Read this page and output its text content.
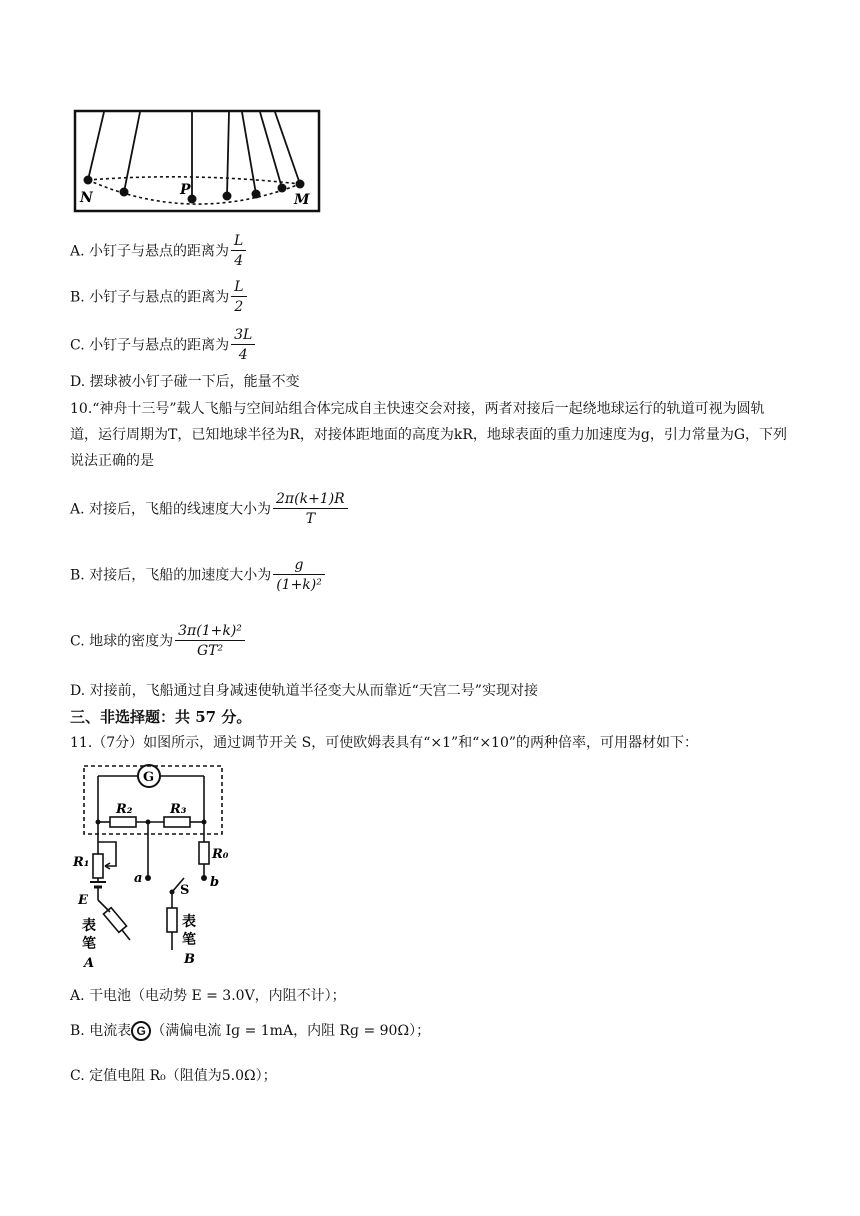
N	P
M
A. 小钉子与悬点的距离为 $\frac{L}{4}$
B. 小钉子与悬点的距离为 $\frac{L}{2}$
C. 小钉子与悬点的距离为 $\frac{3L}{4}$
D. 摆球被小钉子碰一下后，能量不变
10.“神舟十三号”载人飞船与空间站组合体完成自主快速交会对接，两者对接后一起绕地球运行的轨道可视为圆轨道，运行周期为T，已知地球半径为R，对接体距地面的高度为kR，地球表面的重力加速度为g，引力常量为G，下列说法正确的是
A. 对接后，飞船的线速度大小为 $\frac{2\pi(k+1)R}{T}$
B. 对接后，飞船的加速度大小为 $\frac{g}{\text{(1+k)²}}$
C. 地球的密度为 $\frac{\text{3π(1+k)²}}{\text{GT²}}$
D. 对接前，飞船通过自身减速使轨道半径变大从而靠近“天宫二号”实现对接
三、非选择题：共 57 分。
11.（7分）如图所示，通过调节开关 S，可使欧姆表具有“×1”和“×10”的两种倍率，可用器材如下：
G
R₂	R₃
R₁
R₀
a	b
S
E
表
笔
A
表
笔
B
A. 干电池（电动势 E = 3.0V，内阻不计）；
B. 电流表 G （满偏电流 Iɡ = 1mA，内阻 Rɡ = 90Ω）；
C. 定值电阻 R₀（阻值为5.0Ω）；
